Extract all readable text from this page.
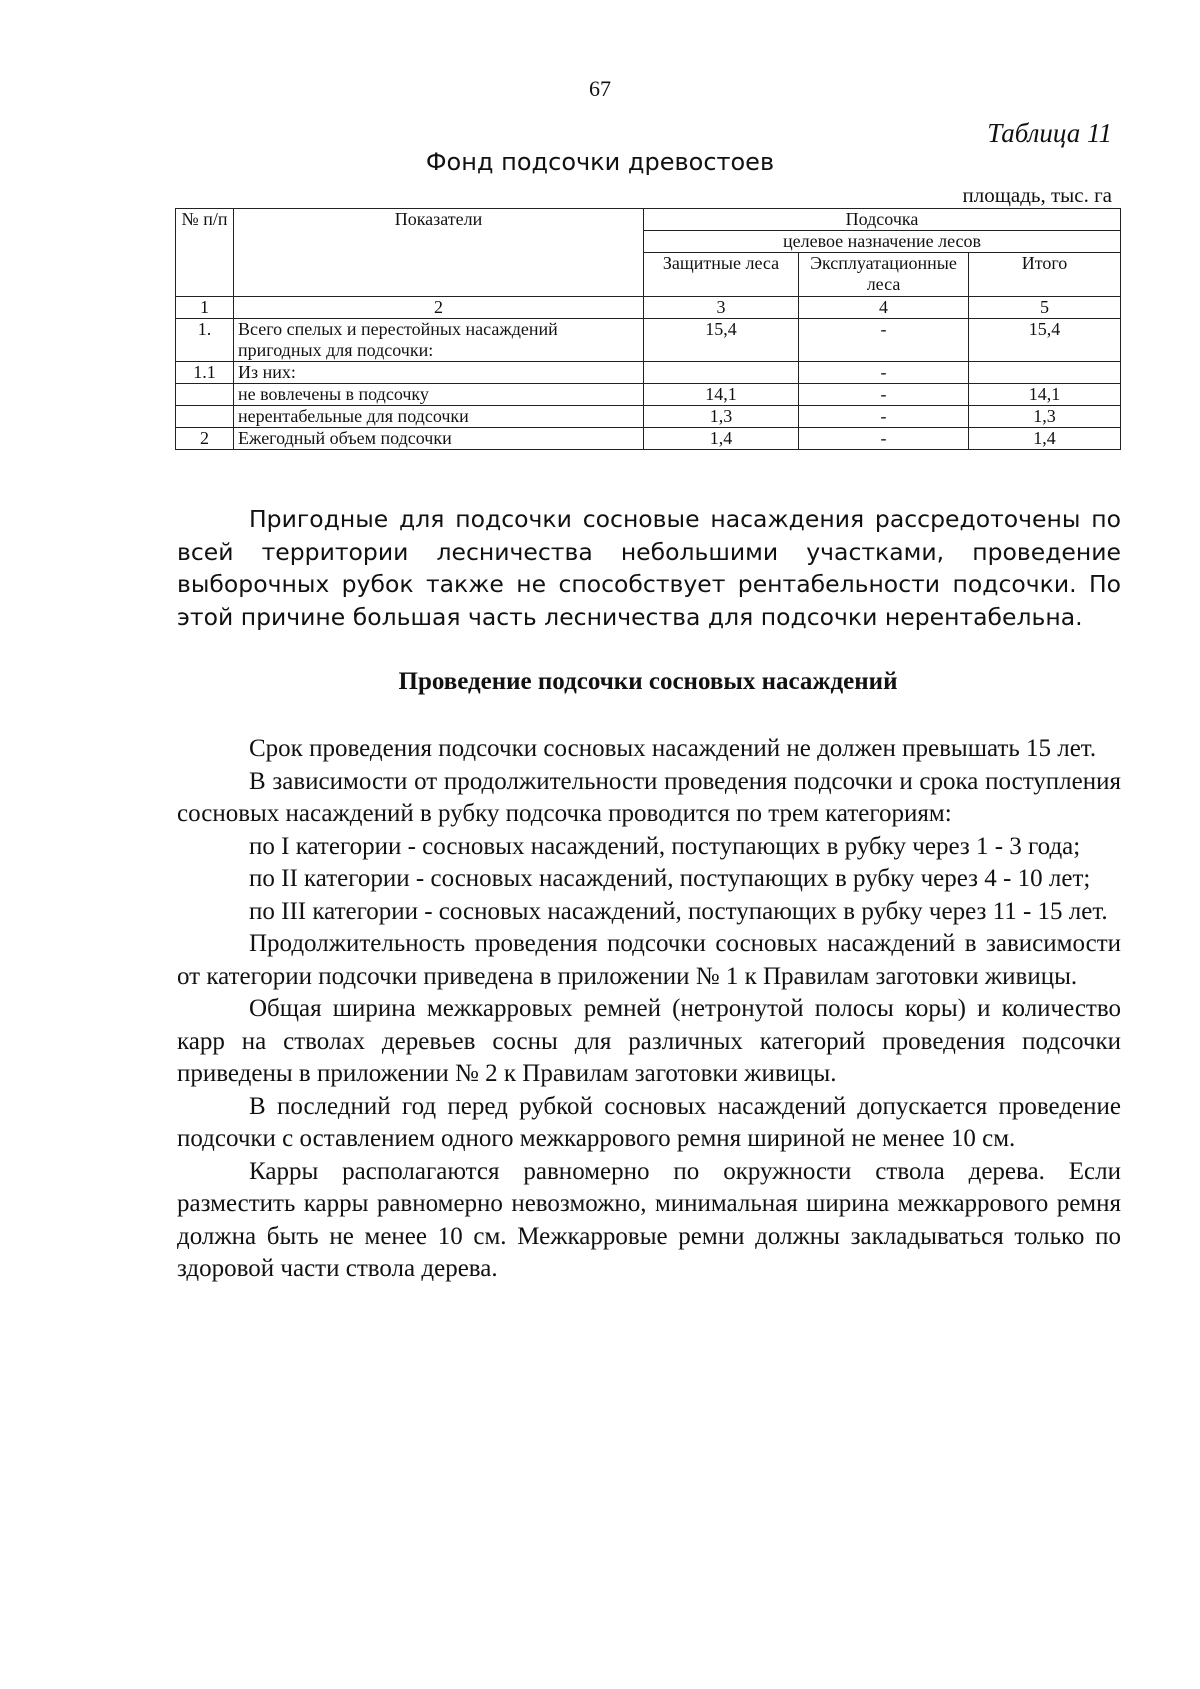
67
Таблица 11
Фонд подсочки древостоев
площадь, тыс. га
№ п/п	Показатели	Подсочка		
		целевое назначение лесов		
		Защитные леса	Эксплуатационные леса	Итого
1	2	3	4	5
1.	Всего спелых и перестойных насаждений пригодных для подсочки:	15,4	-	15,4
1.1	Из них:		-	
	не вовлечены в подсочку	14,1	-	14,1
	нерентабельные для подсочки	1,3	-	1,3
2	Ежегодный объем подсочки	1,4	-	1,4

Пригодные для подсочки сосновые насаждения рассредоточены по всей территории лесничества небольшими участками, проведение выборочных рубок также не способствует рентабельности подсочки. По этой причине большая часть лесничества для подсочки нерентабельна.

Проведение подсочки сосновых насаждений

Срок проведения подсочки сосновых насаждений не должен превышать 15 лет.

В зависимости от продолжительности проведения подсочки и срока поступления сосновых насаждений в рубку подсочка проводится по трем категориям:

по I категории - сосновых насаждений, поступающих в рубку через 1 - 3 года;

по II категории - сосновых насаждений, поступающих в рубку через 4 - 10 лет;

по III категории - сосновых насаждений, поступающих в рубку через 11 - 15 лет.

Продолжительность проведения подсочки сосновых насаждений в зависимости от категории подсочки приведена в приложении № 1 к Правилам заготовки живицы.

Общая ширина межкарровых ремней (нетронутой полосы коры) и количество карр на стволах деревьев сосны для различных категорий проведения подсочки приведены в приложении № 2 к Правилам заготовки живицы.

В последний год перед рубкой сосновых насаждений допускается проведение подсочки с оставлением одного межкаррового ремня шириной не менее 10 см.

Карры располагаются равномерно по окружности ствола дерева. Если разместить карры равномерно невозможно, минимальная ширина межкаррового ремня должна быть не менее 10 см. Межкарровые ремни должны закладываться только по здоровой части ствола дерева.
